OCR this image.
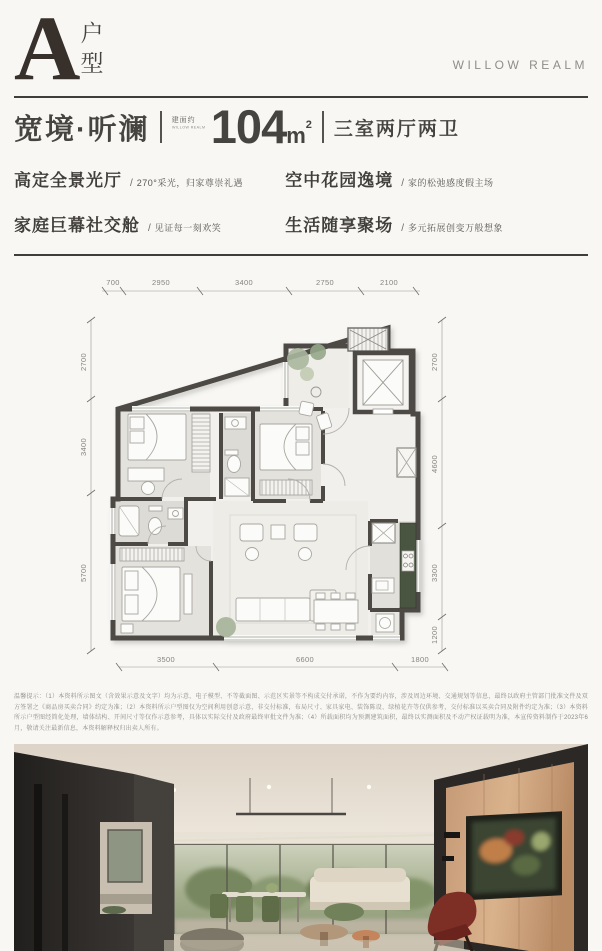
A 户
型	WILLOW REALM
宽境·听澜	建面约
WILLOW REALM 104 m 2 三室两厅两卫
高定全景光厅 / 270°采光，归家尊崇礼遇 空中花园逸境 / 家的松弛感度假主场
家庭巨幕社交舱 / 见证每一刻欢笑	生活随享聚场 / 多元拓展创变万般想象
700	2950	3400	2750	2100
2700
3400
5700
2700
4600
3300
1200
3500	6600	1800

温馨提示：（1）本资料所示图文（含效果示意及文字）均为示意，电子模型、不等截面图、示范区实景等不构成交付承诺，不作为要约内容，涉及周边环境、交通规划等信息，最终以政府主管部门批准文件及双方签署之《商品房买卖合同》约定为准；（2）本资料所示户型图仅为空间利用创意示意，非交付标准，布局尺寸、家具家电、装饰陈设、绿植花卉等仅供参考，交付标准以买卖合同及附件约定为准；（3）本资料所示户型图经简化处理，墙体结构、开间尺寸等仅作示意参考，具体以实际交付及政府最终审批文件为准；（4）所载面积均为预测建筑面积，最终以实测面积及不动产权证载明为准，本宣传资料制作于2023年6月，敬请关注最新信息，本资料解释权归出卖人所有。
